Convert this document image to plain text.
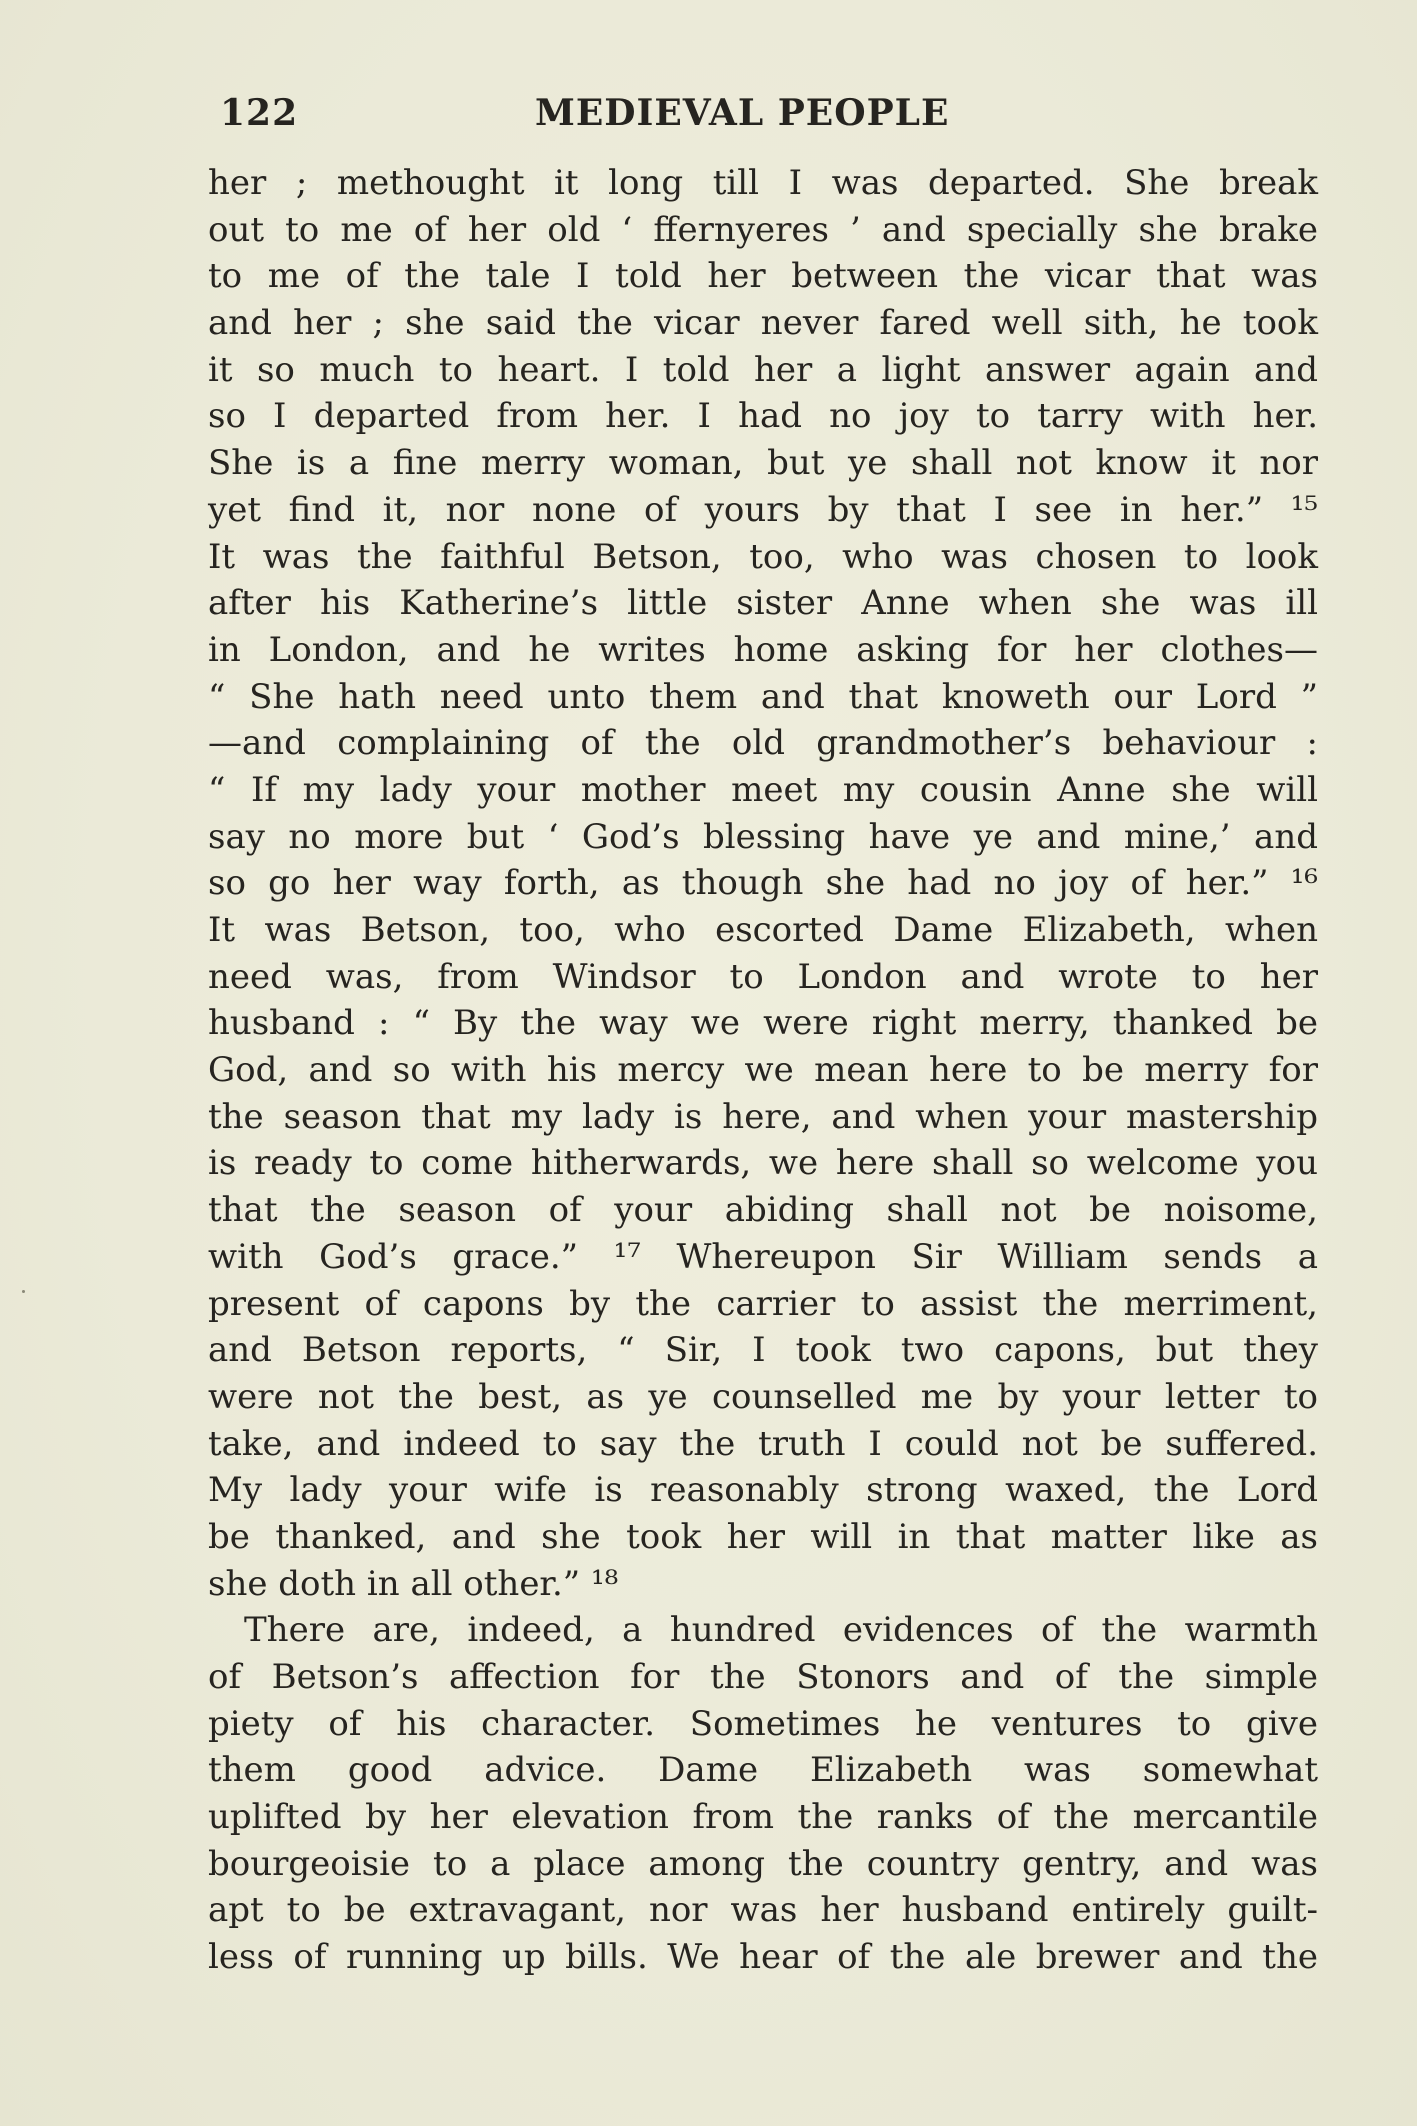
122	MEDIEVAL PEOPLE
her ; methought it long till I was departed. She break
out to me of her old ‘ ffernyeres ’ and specially she brake
to me of the tale I told her between the vicar that was
and her ; she said the vicar never fared well sith, he took
it so much to heart. I told her a light answer again and
so I departed from her. I had no joy to tarry with her.
She is a fine merry woman, but ye shall not know it nor
yet find it, nor none of yours by that I see in her.” ¹⁵
It was the faithful Betson, too, who was chosen to look
after his Katherine’s little sister Anne when she was ill
in London, and he writes home asking for her clothes—
“ She hath need unto them and that knoweth our Lord ”
—and complaining of the old grandmother’s behaviour :
“ If my lady your mother meet my cousin Anne she will
say no more but ‘ God’s blessing have ye and mine,’ and
so go her way forth, as though she had no joy of her.” ¹⁶
It was Betson, too, who escorted Dame Elizabeth, when
need was, from Windsor to London and wrote to her
husband : “ By the way we were right merry, thanked be
God, and so with his mercy we mean here to be merry for
the season that my lady is here, and when your mastership
is ready to come hitherwards, we here shall so welcome you
that the season of your abiding shall not be noisome,
with God’s grace.” ¹⁷ Whereupon Sir William sends a
present of capons by the carrier to assist the merriment,
and Betson reports, “ Sir, I took two capons, but they
were not the best, as ye counselled me by your letter to
take, and indeed to say the truth I could not be suffered.
My lady your wife is reasonably strong waxed, the Lord
be thanked, and she took her will in that matter like as
she doth in all other.” ¹⁸
There are, indeed, a hundred evidences of the warmth
of Betson’s affection for the Stonors and of the simple
piety of his character. Sometimes he ventures to give
them good advice. Dame Elizabeth was somewhat
uplifted by her elevation from the ranks of the mercantile
bourgeoisie to a place among the country gentry, and was
apt to be extravagant, nor was her husband entirely guilt-
less of running up bills. We hear of the ale brewer and the
